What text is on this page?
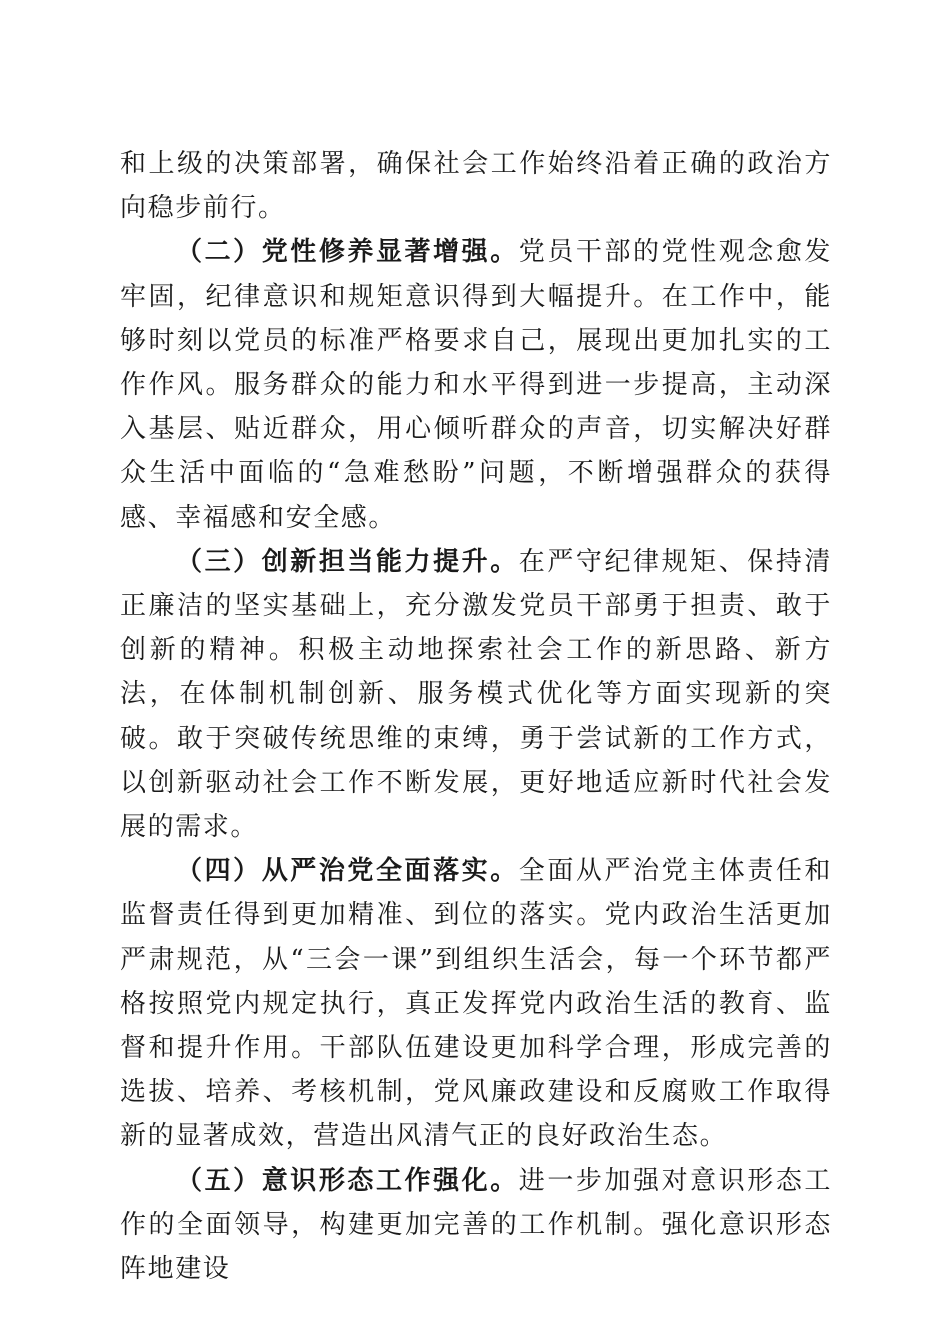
和上级的决策部署，确保社会工作始终沿着正确的政治方向稳步前行。

（二）党性修养显著增强。党员干部的党性观念愈发牢固，纪律意识和规矩意识得到大幅提升。在工作中，能够时刻以党员的标准严格要求自己，展现出更加扎实的工作作风。服务群众的能力和水平得到进一步提高，主动深入基层、贴近群众，用心倾听群众的声音，切实解决好群众生活中面临的“急难愁盼”问题，不断增强群众的获得感、幸福感和安全感。

（三）创新担当能力提升。在严守纪律规矩、保持清正廉洁的坚实基础上，充分激发党员干部勇于担责、敢于创新的精神。积极主动地探索社会工作的新思路、新方法，在体制机制创新、服务模式优化等方面实现新的突破。敢于突破传统思维的束缚，勇于尝试新的工作方式，以创新驱动社会工作不断发展，更好地适应新时代社会发展的需求。

（四）从严治党全面落实。全面从严治党主体责任和监督责任得到更加精准、到位的落实。党内政治生活更加严肃规范，从“三会一课”到组织生活会，每一个环节都严格按照党内规定执行，真正发挥党内政治生活的教育、监督和提升作用。干部队伍建设更加科学合理，形成完善的选拔、培养、考核机制，党风廉政建设和反腐败工作取得新的显著成效，营造出风清气正的良好政治生态。

（五）意识形态工作强化。进一步加强对意识形态工作的全面领导，构建更加完善的工作机制。强化意识形态阵地建设
